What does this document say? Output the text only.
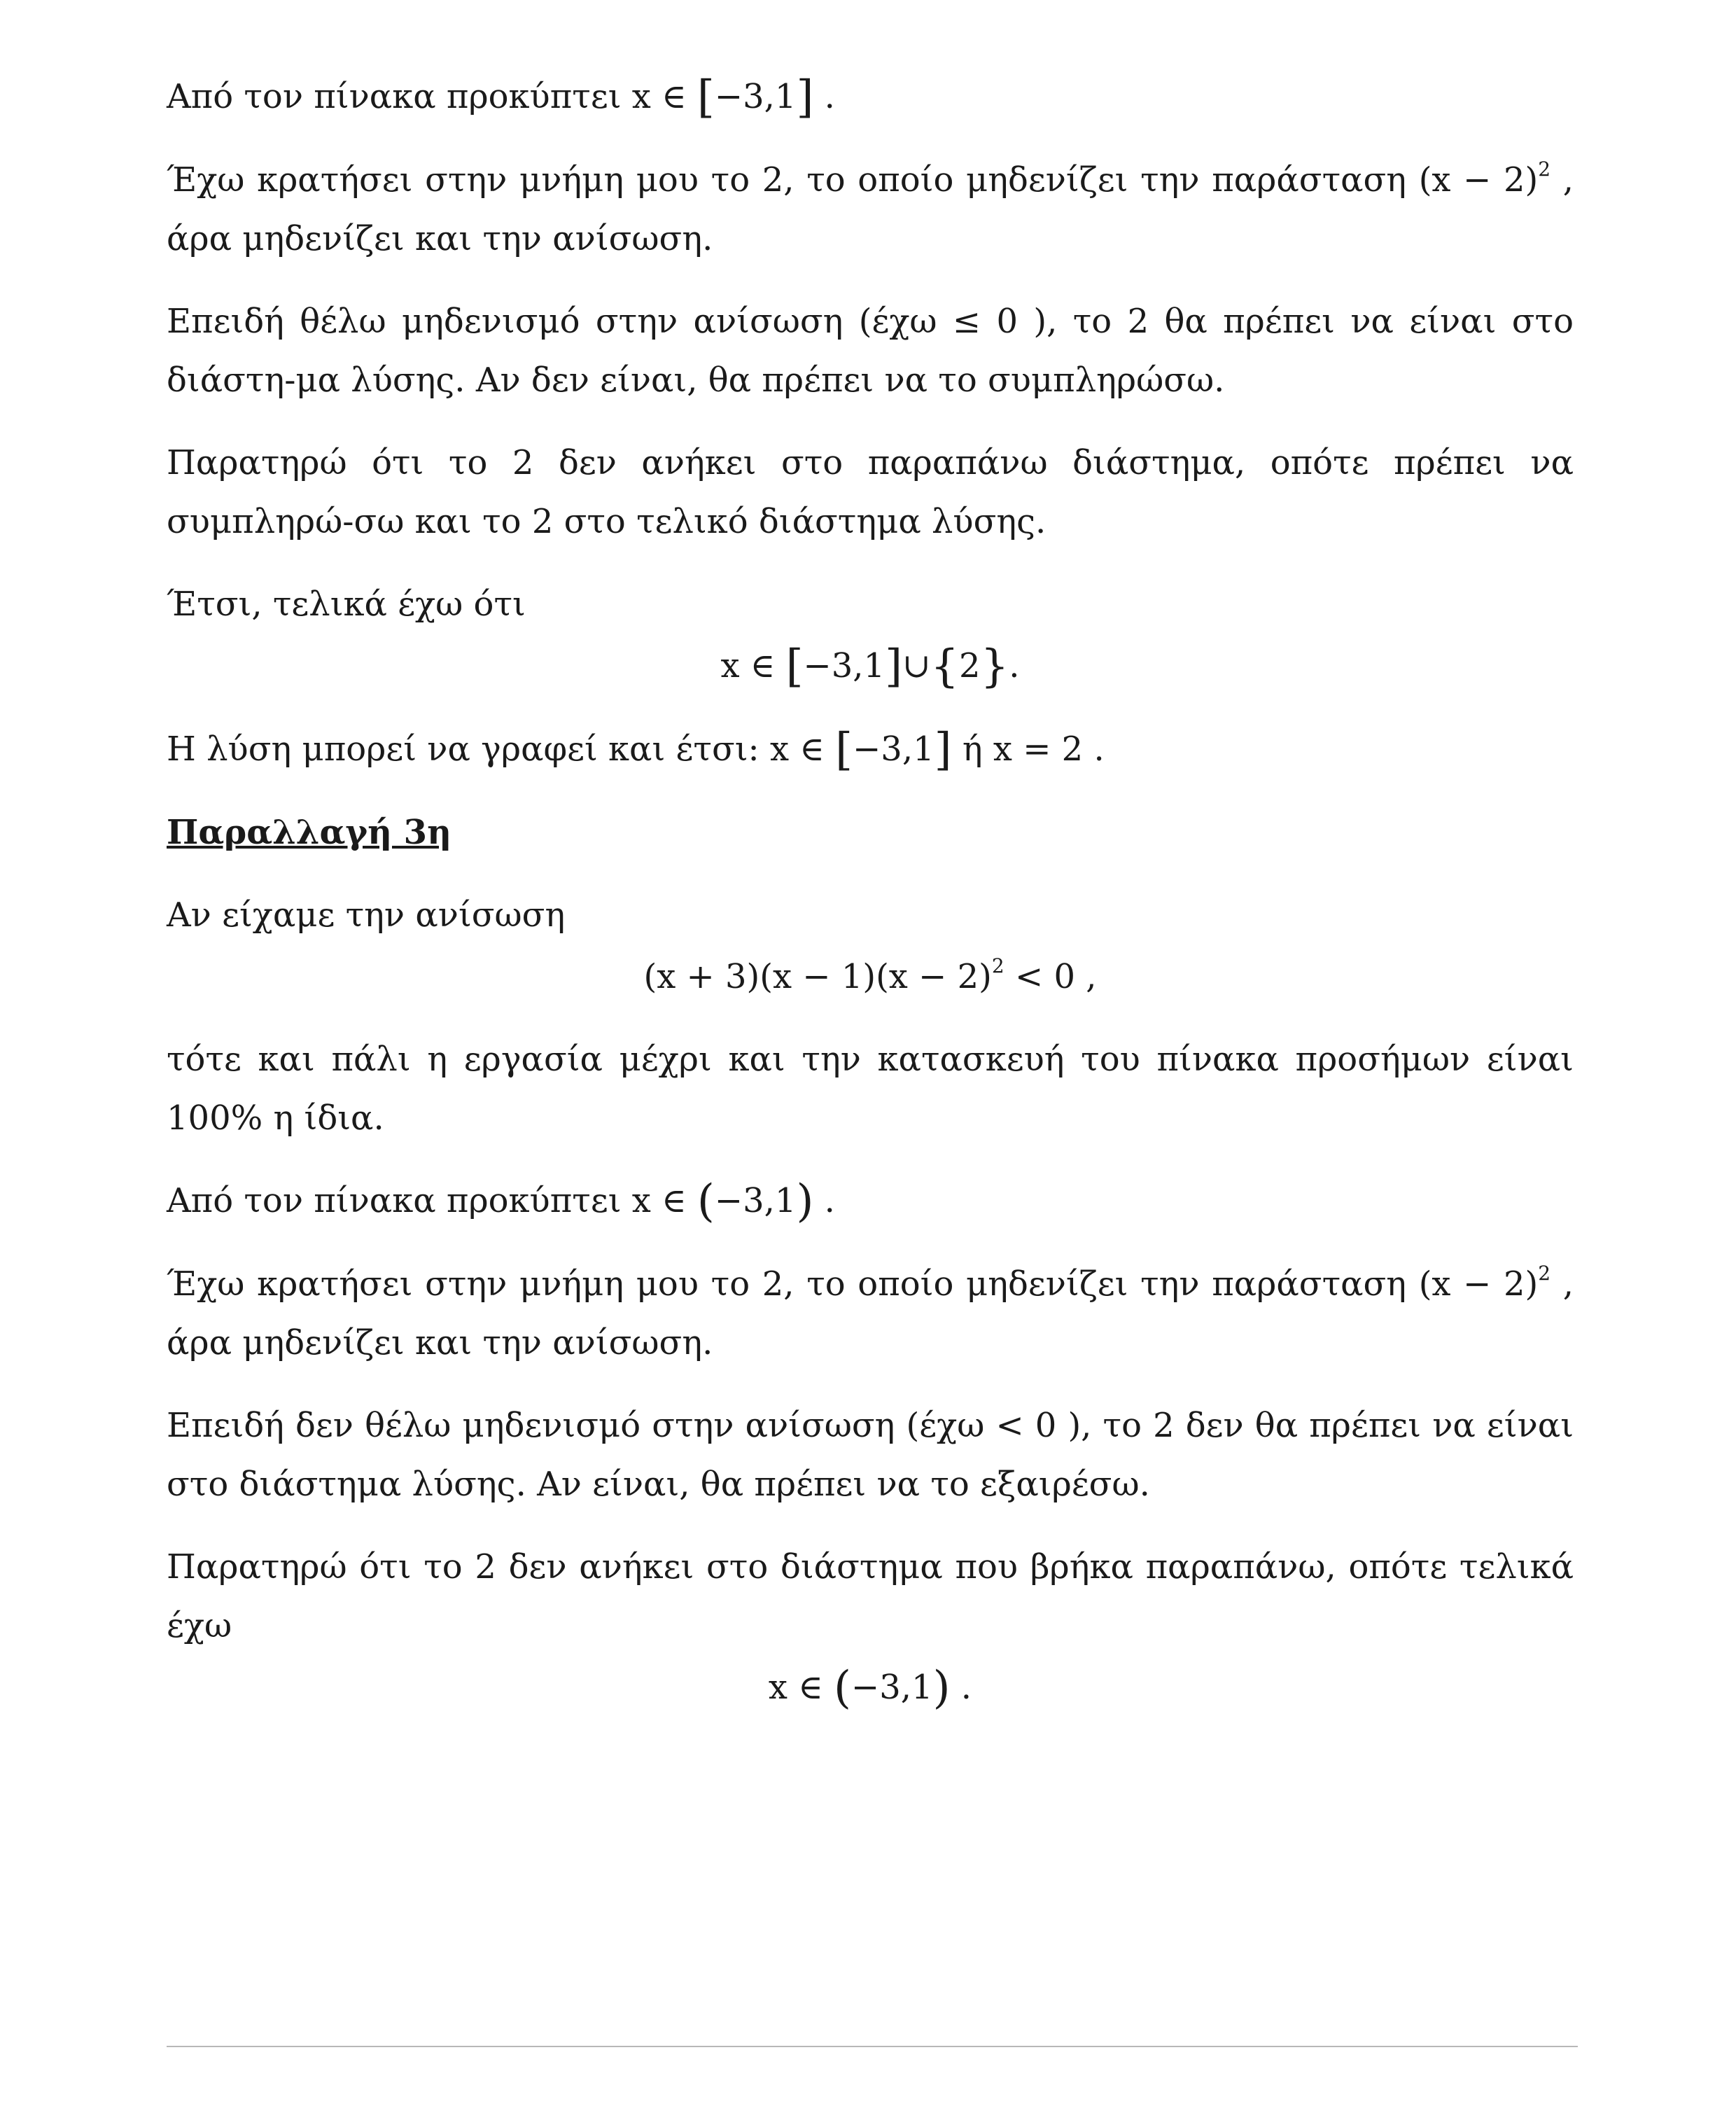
Από τον πίνακα προκύπτει x ∈ [−3,1] .
Έχω κρατήσει στην μνήμη μου το 2, το οποίο μηδενίζει την παράσταση $(x - 2)^2$ , άρα μηδενίζει και την ανίσωση.
Επειδή θέλω μηδενισμό στην ανίσωση (έχω ≤ 0 ), το 2 θα πρέπει να είναι στο διάστη-μα λύσης. Αν δεν είναι, θα πρέπει να το συμπληρώσω.
Παρατηρώ ότι το 2 δεν ανήκει στο παραπάνω διάστημα, οπότε πρέπει να συμπληρώ-σω και το 2 στο τελικό διάστημα λύσης.
Έτσι, τελικά έχω ότι
x ∈ [−3,1]∪{2}.
Η λύση μπορεί να γραφεί και έτσι: x ∈ [−3,1] ή x = 2 .
Παραλλαγή 3η
Αν είχαμε την ανίσωση
$(x + 3)(x - 1)(x - 2)^2 < 0$ ,
τότε και πάλι η εργασία μέχρι και την κατασκευή του πίνακα προσήμων είναι 100% η ίδια.
Από τον πίνακα προκύπτει x ∈ (−3,1) .
Έχω κρατήσει στην μνήμη μου το 2, το οποίο μηδενίζει την παράσταση $(x - 2)^2$ , άρα μηδενίζει και την ανίσωση.
Επειδή δεν θέλω μηδενισμό στην ανίσωση (έχω < 0 ), το 2 δεν θα πρέπει να είναι στο διάστημα λύσης. Αν είναι, θα πρέπει να το εξαιρέσω.
Παρατηρώ ότι το 2 δεν ανήκει στο διάστημα που βρήκα παραπάνω, οπότε τελικά έχω
x ∈ (−3,1) .
